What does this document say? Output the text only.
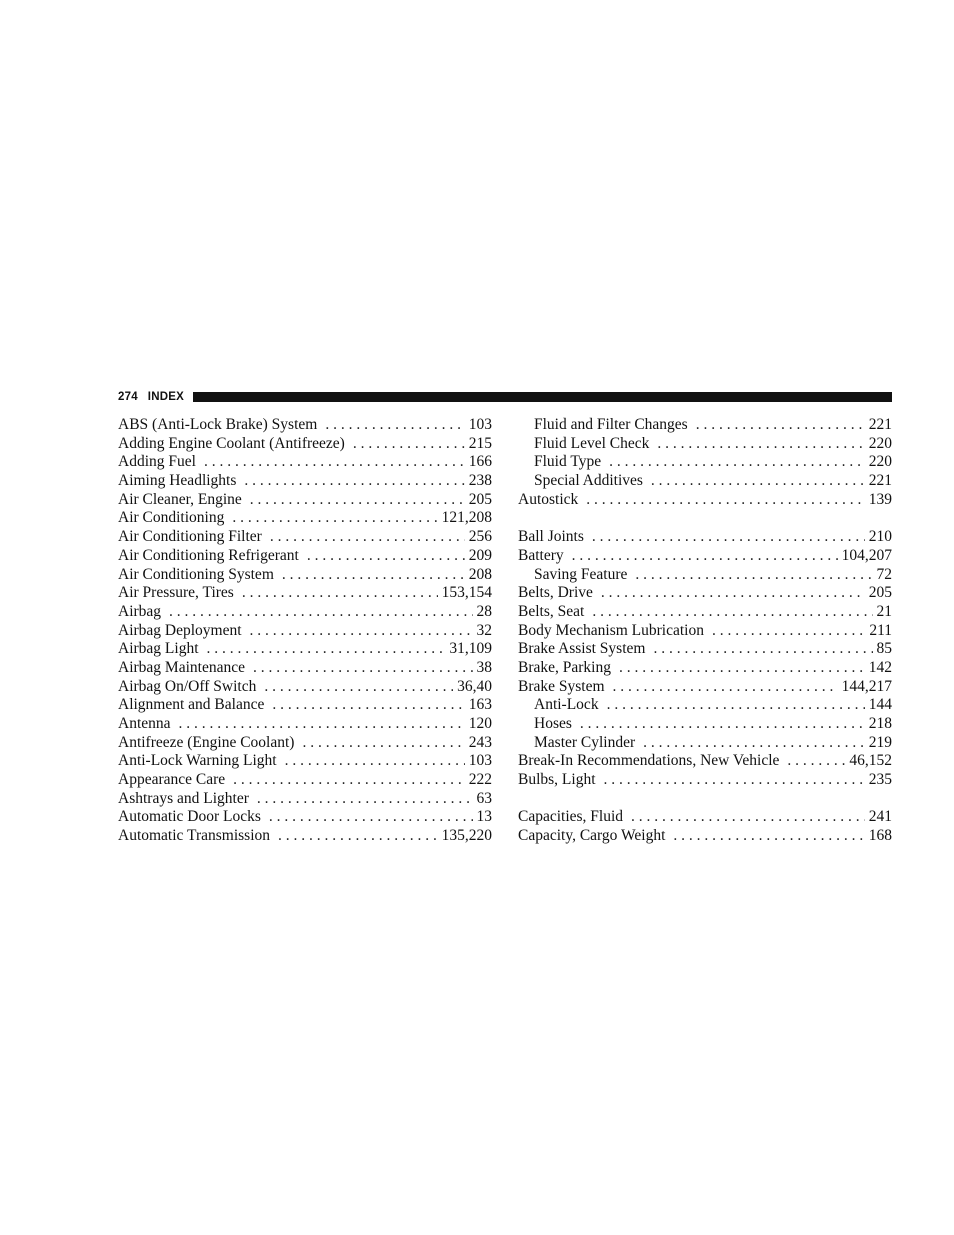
274 INDEX
ABS (Anti-Lock Brake) System . . .	103
Adding Engine Coolant (Antifreeze) . . .	215
Adding Fuel . . .	166
Aiming Headlights . . .	238
Air Cleaner, Engine . . .	205
Air Conditioning . . .	121,208
Air Conditioning Filter . . .	256
Air Conditioning Refrigerant . . .	209
Air Conditioning System . . .	208
Air Pressure, Tires . . .	153,154
Airbag . . .	28
Airbag Deployment . . .	32
Airbag Light . . .	31,109
Airbag Maintenance . . .	38
Airbag On/Off Switch . . .	36,40
Alignment and Balance . . .	163
Antenna . . .	120
Antifreeze (Engine Coolant) . . .	243
Anti-Lock Warning Light . . .	103
Appearance Care . . .	222
Ashtrays and Lighter . . .	63
Automatic Door Locks . . .	13
Automatic Transmission . . .	135,220
Fluid and Filter Changes . . .	221
Fluid Level Check . . .	220
Fluid Type . . .	220
Special Additives . . .	221
Autostick . . .	139
Ball Joints . . .	210
Battery . . .	104,207
Saving Feature . . .	72
Belts, Drive . . .	205
Belts, Seat . . .	21
Body Mechanism Lubrication . . .	211
Brake Assist System . . .	85
Brake, Parking . . .	142
Brake System . . .	144,217
Anti-Lock . . .	144
Hoses . . .	218
Master Cylinder . . .	219
Break-In Recommendations, New Vehicle . . .	46,152
Bulbs, Light . . .	235
Capacities, Fluid . . .	241
Capacity, Cargo Weight . . .	168
